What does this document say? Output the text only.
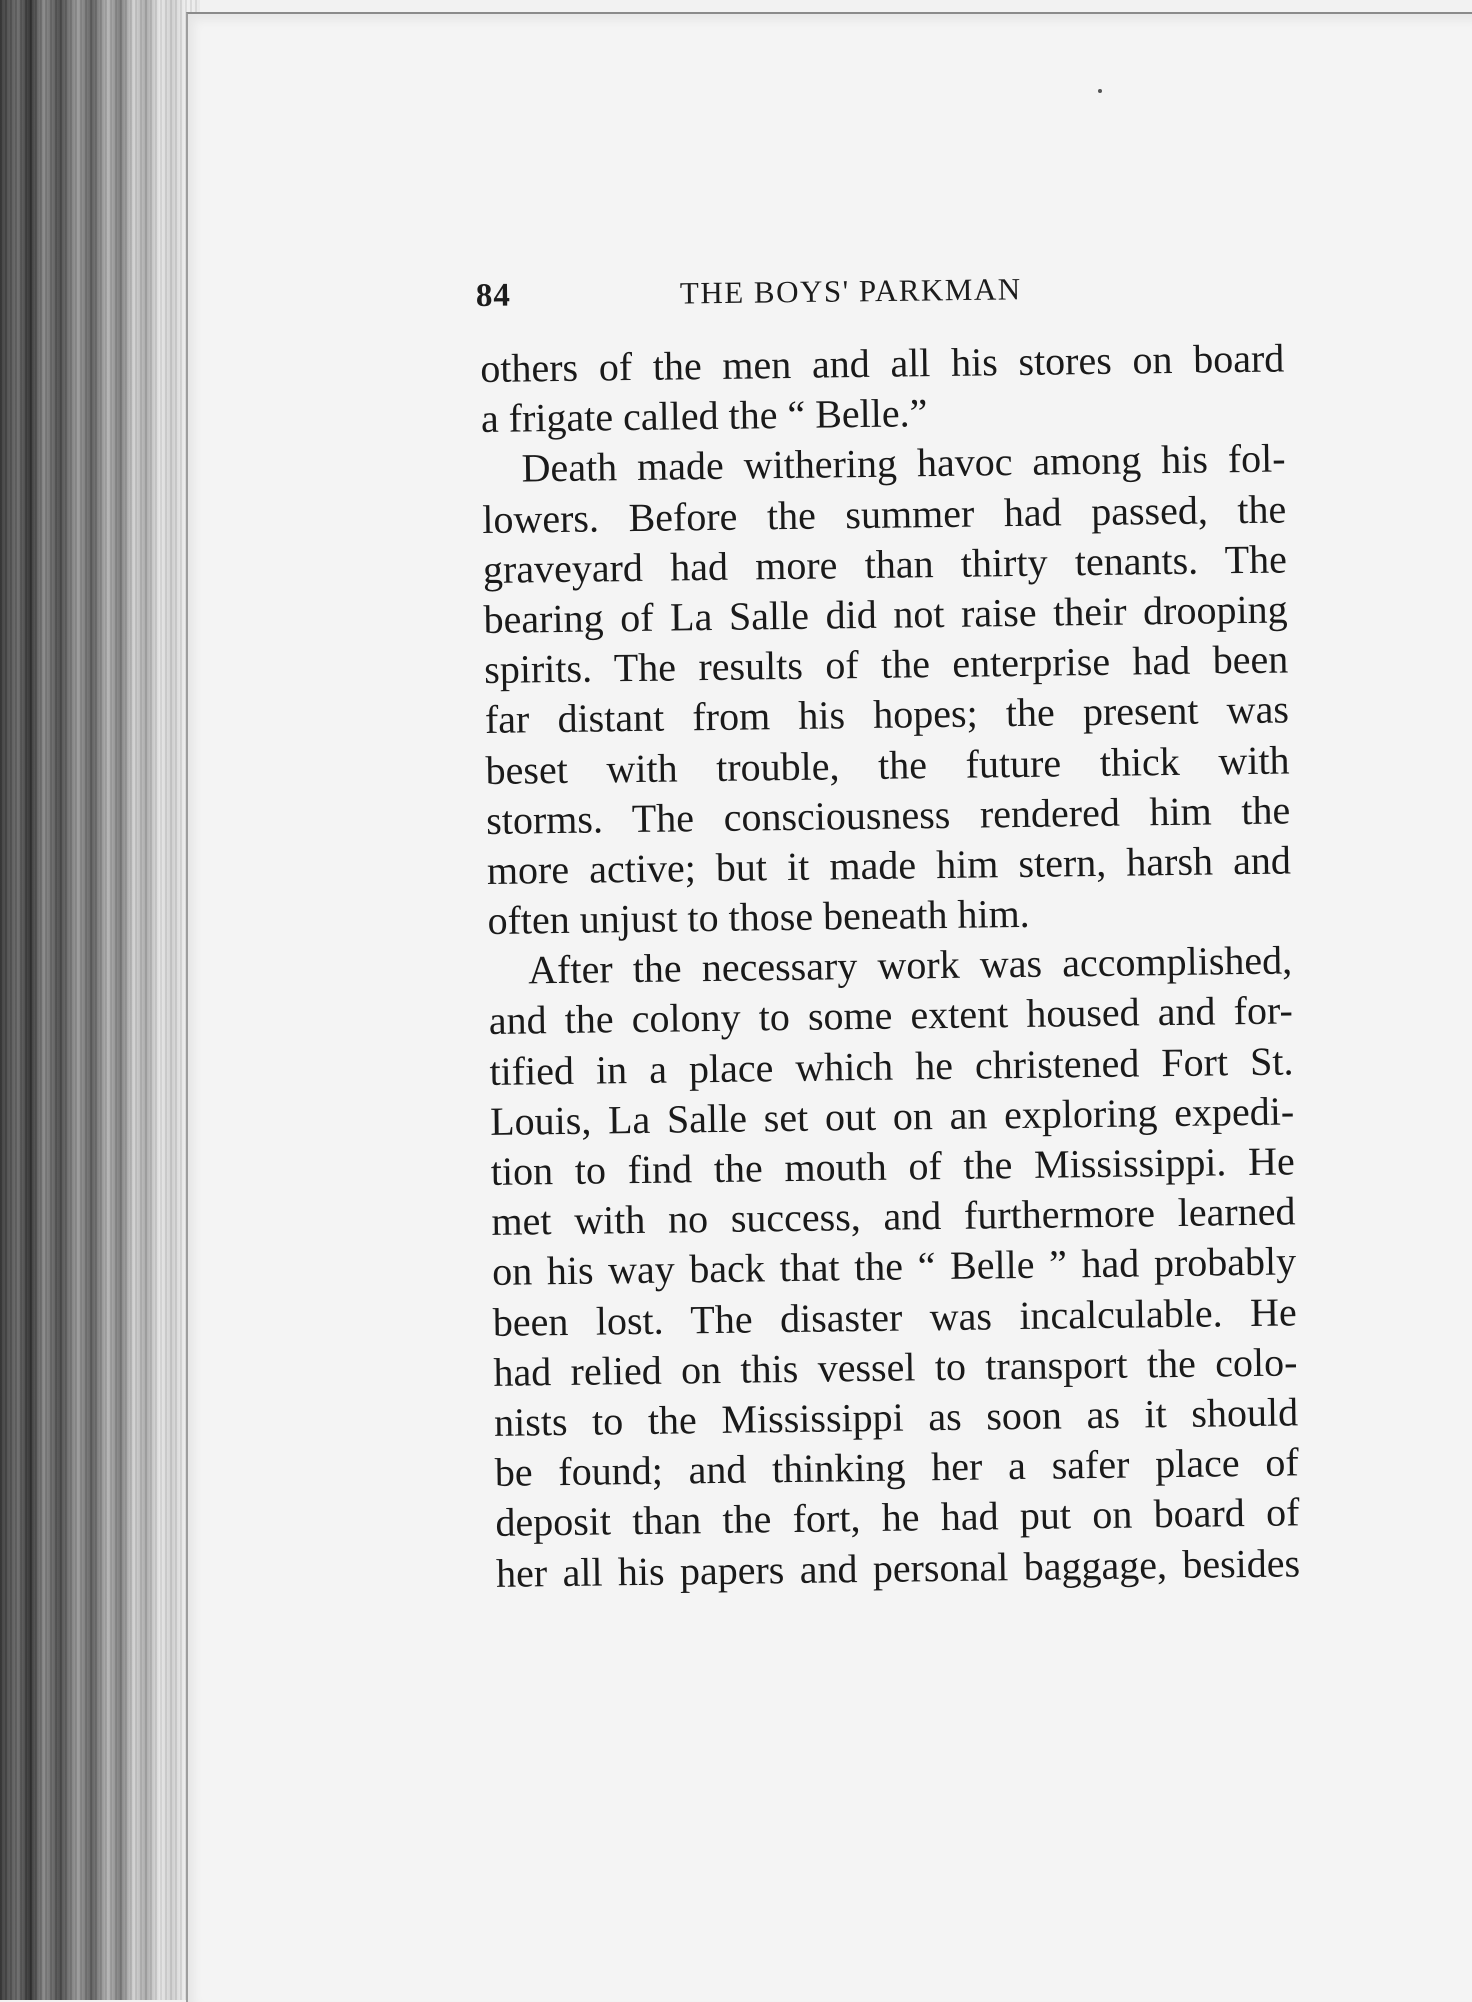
84	THE BOYS' PARKMAN
others of the men and all his stores on board
a frigate called the “ Belle.”
Death made withering havoc among his fol-
lowers. Before the summer had passed, the
graveyard had more than thirty tenants. The
bearing of La Salle did not raise their drooping
spirits. The results of the enterprise had been
far distant from his hopes; the present was
beset with trouble, the future thick with
storms. The consciousness rendered him the
more active; but it made him stern, harsh and
often unjust to those beneath him.
After the necessary work was accomplished,
and the colony to some extent housed and for-
tified in a place which he christened Fort St.
Louis, La Salle set out on an exploring expedi-
tion to find the mouth of the Mississippi. He
met with no success, and furthermore learned
on his way back that the “ Belle ” had probably
been lost. The disaster was incalculable. He
had relied on this vessel to transport the colo-
nists to the Mississippi as soon as it should
be found; and thinking her a safer place of
deposit than the fort, he had put on board of
her all his papers and personal baggage, besides
